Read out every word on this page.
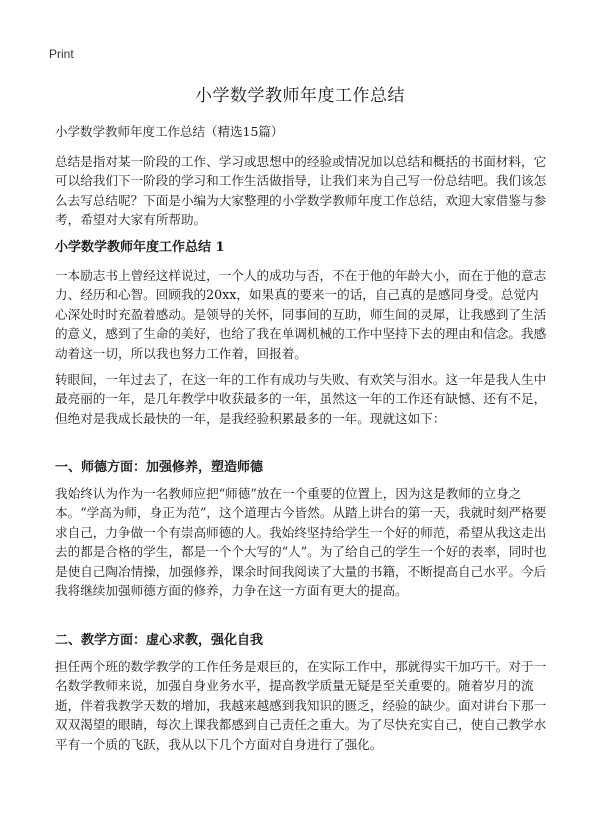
Print
小学数学教师年度工作总结

小学数学教师年度工作总结（精选15篇）

总结是指对某一阶段的工作、学习或思想中的经验或情况加以总结和概括的书面材料，它可以给我们下一阶段的学习和工作生活做指导，让我们来为自己写一份总结吧。我们该怎么去写总结呢？下面是小编为大家整理的小学数学教师年度工作总结，欢迎大家借鉴与参考，希望对大家有所帮助。

小学数学教师年度工作总结 1

一本励志书上曾经这样说过，一个人的成功与否，不在于他的年龄大小，而在于他的意志力、经历和心智。回顾我的20xx，如果真的要来一的话，自己真的是感同身受。总觉内心深处时时充盈着感动。是领导的关怀，同事间的互助，师生间的灵犀，让我感到了生活的意义，感到了生命的美好，也给了我在单调机械的工作中坚持下去的理由和信念。我感动着这一切，所以我也努力工作着，回报着。

转眼间，一年过去了，在这一年的工作有成功与失败、有欢笑与泪水。这一年是我人生中最亮丽的一年，是几年教学中收获最多的一年，虽然这一年的工作还有缺憾、还有不足，但绝对是我成长最快的一年，是我经验积累最多的一年。现就这如下：

一、师德方面：加强修养，塑造师德

我始终认为作为一名教师应把“师德”放在一个重要的位置上，因为这是教师的立身之本。“学高为师，身正为范”，这个道理古今皆然。从踏上讲台的第一天，我就时刻严格要求自己，力争做一个有崇高师德的人。我始终坚持给学生一个好的师范，希望从我这走出去的都是合格的学生，都是一个个大写的“人”。为了给自己的学生一个好的表率，同时也是使自己陶冶情操，加强修养，课余时间我阅读了大量的书籍，不断提高自己水平。今后我将继续加强师德方面的修养，力争在这一方面有更大的提高。

二、教学方面：虚心求教，强化自我

担任两个班的数学教学的工作任务是艰巨的，在实际工作中，那就得实干加巧干。对于一名数学教师来说，加强自身业务水平，提高教学质量无疑是至关重要的。随着岁月的流逝，伴着我教学天数的增加，我越来越感到我知识的匮乏，经验的缺少。面对讲台下那一双双渴望的眼睛，每次上课我都感到自己责任之重大。为了尽快充实自己，使自己教学水平有一个质的飞跃，我从以下几个方面对自身进行了强化。
